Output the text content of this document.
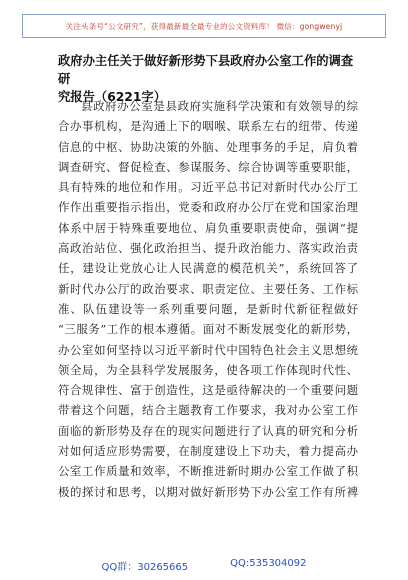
关注头条号“公文研究”，获得最新最全最专业的公文资料库！ 微信：gongwenyj
政府办主任关于做好新形势下县政府办公室工作的调查研
究报告（6221字）
县政府办公室是县政府实施科学决策和有效领导的综
合办事机构，是沟通上下的咽喉、联系左右的纽带、传递
信息的中枢、协助决策的外脑、处理事务的手足，肩负着
调查研究、督促检查、参谋服务、综合协调等重要职能，
具有特殊的地位和作用。习近平总书记对新时代办公厅工
作作出重要指示指出，党委和政府办公厅在党和国家治理
体系中居于特殊重要地位、肩负重要职责使命，强调“提
高政治站位、强化政治担当、提升政治能力、落实政治责
任，建设让党放心让人民满意的模范机关”，系统回答了
新时代办公厅的政治要求、职责定位、主要任务、工作标
准、队伍建设等一系列重要问题，是新时代新征程做好
“三服务”工作的根本遵循。面对不断发展变化的新形势，
办公室如何坚持以习近平新时代中国特色社会主义思想统
领全局，为全县科学发展服务，使各项工作体现时代性、
符合规律性、富于创造性，这是亟待解决的一个重要问题
带着这个问题，结合主题教育工作要求，我对办公室工作
面临的新形势及存在的现实问题进行了认真的研究和分析
对如何适应形势需要，在制度建设上下功夫，着力提高办
公室工作质量和效率，不断推进新时期办公室工作做了积
极的探讨和思考，以期对做好新形势下办公室工作有所裨
QQ群：30265665	QQ:535304092
